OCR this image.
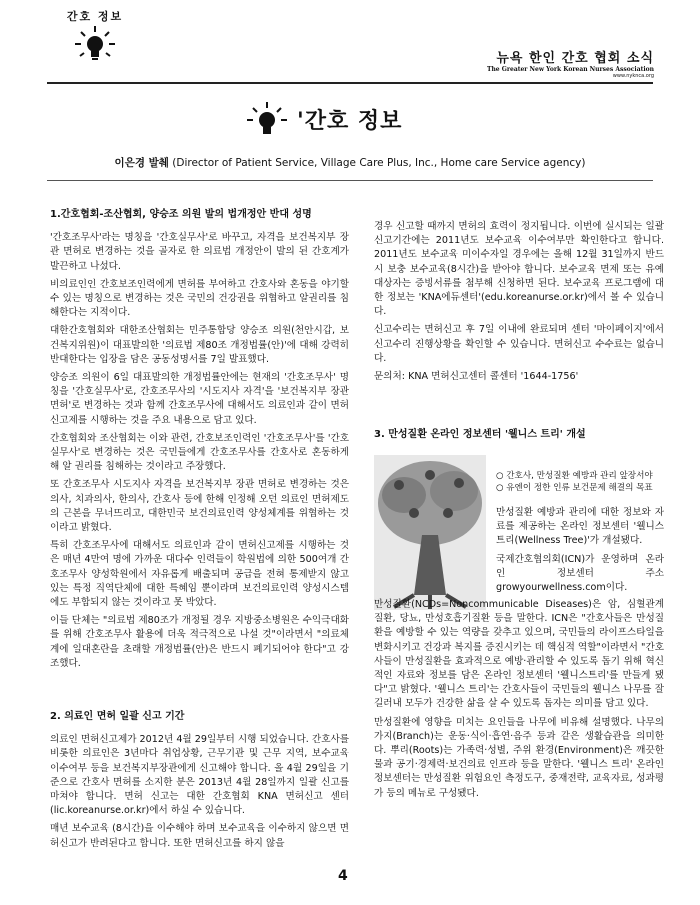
간호 정보
뉴욕 한인 간호 협회 소식
The Greater New York Korean Nurses Association
www.nyknca.org
'간호 정보
이은경 발췌 (Director of Patient Service, Village Care Plus, Inc., Home care Service agency)
1.간호협회-조산협회, 양승조 의원 발의 법개정안 반대 성명

'간호조무사'라는 명칭을 '간호실무사'로 바꾸고, 자격을 보건복지부 장관 면허로 변경하는 것을 골자로 한 의료법 개정안이 발의 된 간호계가 발끈하고 나섰다.

비의료인인 간호보조인력에게 면허를 부여하고 간호사와 혼동을 야기할 수 있는 명칭으로 변경하는 것은 국민의 건강권을 위협하고 알권리를 침해한다는 지적이다.

대한간호협회와 대한조산협회는 민주통합당 양승조 의원(천안시갑, 보건복지위원)이 대표발의한 '의료법 제80조 개정법률(안)'에 대해 강력히 반대한다는 입장을 담은 공동성명서를 7일 발표했다.

양승조 의원이 6일 대표발의한 개정법률안에는 현재의 '간호조무사' 명칭을 '간호실무사'로, 간호조무사의 '시도지사 자격'을 '보건복지부 장관 면허'로 변경하는 것과 함께 간호조무사에 대해서도 의료인과 같이 면허신고제를 시행하는 것을 주요 내용으로 담고 있다.

간호협회와 조산협회는 이와 관련, 간호보조인력인 '간호조무사'를 '간호실무사'로 변경하는 것은 국민들에게 간호조무사를 간호사로 혼동하게 해 알 권리를 침해하는 것이라고 주장했다.

또 간호조무사 시도지사 자격을 보건복지부 장관 면허로 변경하는 것은 의사, 치과의사, 한의사, 간호사 등에 한해 인정해 오던 의료인 면허제도의 근본을 무너뜨리고, 대한민국 보건의료인력 양성체계를 위협하는 것이라고 밝혔다.

특히 간호조무사에 대해서도 의료인과 같이 면허신고제를 시행하는 것은 매년 4만여 명에 가까운 대다수 인력들이 학원법에 의한 500여개 간호조무사 양성학원에서 자유롭게 배출되며 공급을 전혀 통제받지 않고 있는 특정 직역단체에 대한 특혜임 뿐이라며 보건의료인력 양성시스템에도 부합되지 않는 것이라고 못 박았다.

이들 단체는 "의료법 제80조가 개정될 경우 지방중소병원은 수익극대화를 위해 간호조무사 활용에 더욱 적극적으로 나설 것"이라면서 "의료체계에 일대혼란을 초래할 개정법률(안)은 반드시 폐기되어야 한다"고 강조했다.

2. 의료인 면허 일괄 신고 기간

의료인 면허신고제가 2012년 4월 29일부터 시행 되었습니다. 간호사를 비롯한 의료인은 3년마다 취업상황, 근무기관 및 근무 지역, 보수교육 이수여부 등을 보건복지부장관에게 신고해야 합니다. 올 4월 29일을 기준으로 간호사 면허를 소지한 분은 2013년 4월 28일까지 일괄 신고를 마쳐야 합니다. 면허 신고는 대한 간호협회 KNA 면허신고 센터(lic.koreanurse.or.kr)에서 하실 수 있습니다.

매년 보수교육 (8시간)을 이수해야 하며 보수교육을 이수하지 않으면 면허신고가 반려된다고 합니다. 또한 면허신고를 하지 않을

경우 신고할 때까지 면허의 효력이 정지됩니다. 이번에 실시되는 일괄 신고기간에는 2011년도 보수교육 이수여부만 확인한다고 합니다. 2011년도 보수교육 미이수자일 경우에는 올해 12월 31일까지 반드시 보충 보수교육(8시간)을 받아야 합니다. 보수교육 면제 또는 유예 대상자는 증빙서류를 첨부해 신청하면 된다. 보수교육 프로그램에 대한 정보는 'KNA에듀센터'(edu.koreanurse.or.kr)에서 볼 수 있습니다.

신고수리는 면허신고 후 7일 이내에 완료되며 센터 '마이페이지'에서 신고수리 진행상황을 확인할 수 있습니다. 면허신고 수수료는 없습니다.

문의처: KNA 면허신고센터 콜센터 '1644-1756'

3. 만성질환 온라인 정보센터 '웰니스 트리' 개설
○ 간호사, 만성질환 예방과 관리 앞장서야
○ 유엔이 정한 인류 보건문제 해결의 목표

만성질환 예방과 관리에 대한 정보와 자료를 제공하는 온라인 정보센터 '웰니스트리(Wellness Tree)'가 개설됐다.

국제간호협의회(ICN)가 운영하며 온라인 정보센터 주소 growyourwellness.com이다.

만성질환(NCDs=Noncommunicable Diseases)은 암, 심혈관계 질환, 당뇨, 만성호흡기질환 등을 말한다. ICN은 "간호사들은 만성질환을 예방할 수 있는 역량을 갖추고 있으며, 국민들의 라이프스타일을 변화시키고 건강과 복지를 증진시키는 데 핵심적 역할"이라면서 "간호사들이 만성질환을 효과적으로 예방·관리할 수 있도록 돕기 위해 혁신적인 자료와 정보를 담은 온라인 정보센터 '웰니스트리'를 만들게 됐다"고 밝혔다. '웰니스 트리'는 간호사들이 국민들의 웰니스 나무를 잘 길러내 모두가 건강한 삶을 살 수 있도록 돕자는 의미를 담고 있다.

만성질환에 영향을 미치는 요인들을 나무에 비유해 설명했다. 나무의 가지(Branch)는 운동·식이·흡연·음주 등과 같은 생활습관을 의미한다. 뿌리(Roots)는 가족력·성별, 주위 환경(Environment)은 깨끗한 물과 공기·경제력·보건의료 인프라 등을 말한다. '웰니스 트리' 온라인 정보센터는 만성질환 위험요인 측정도구, 중재전략, 교육자료, 성과평가 등의 메뉴로 구성됐다.

4
